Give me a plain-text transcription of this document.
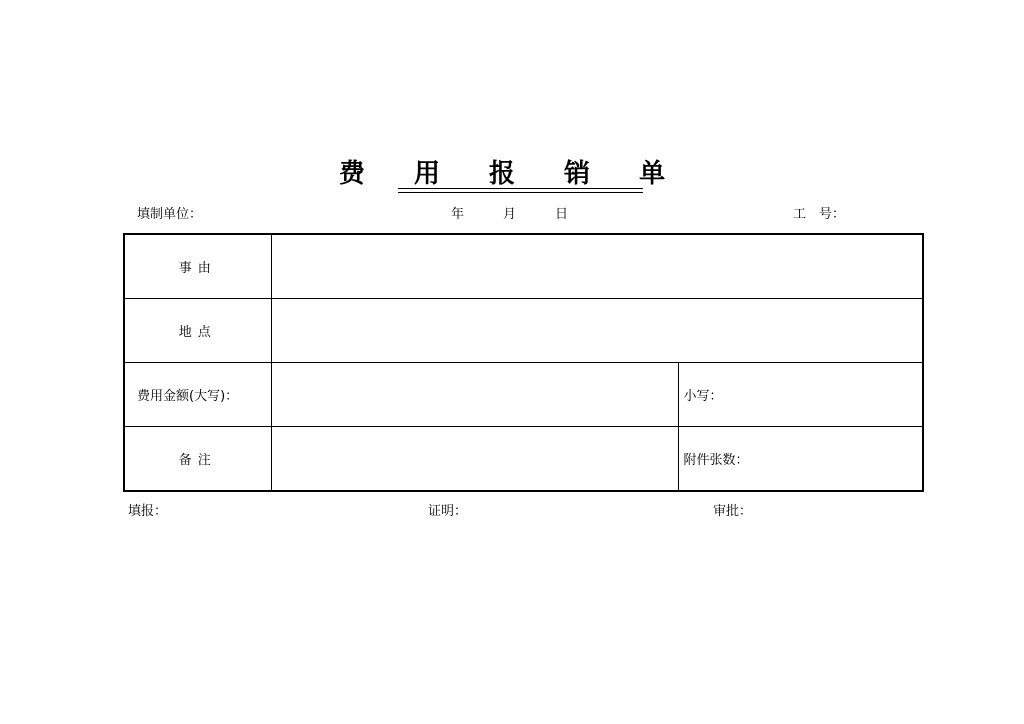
费 用 报 销 单
填制单位：	年	月	日	工　号：
事由		
地点		
费用金额(大写)：		小写：
备注		附件张数：
填报：	证明：	审批：
